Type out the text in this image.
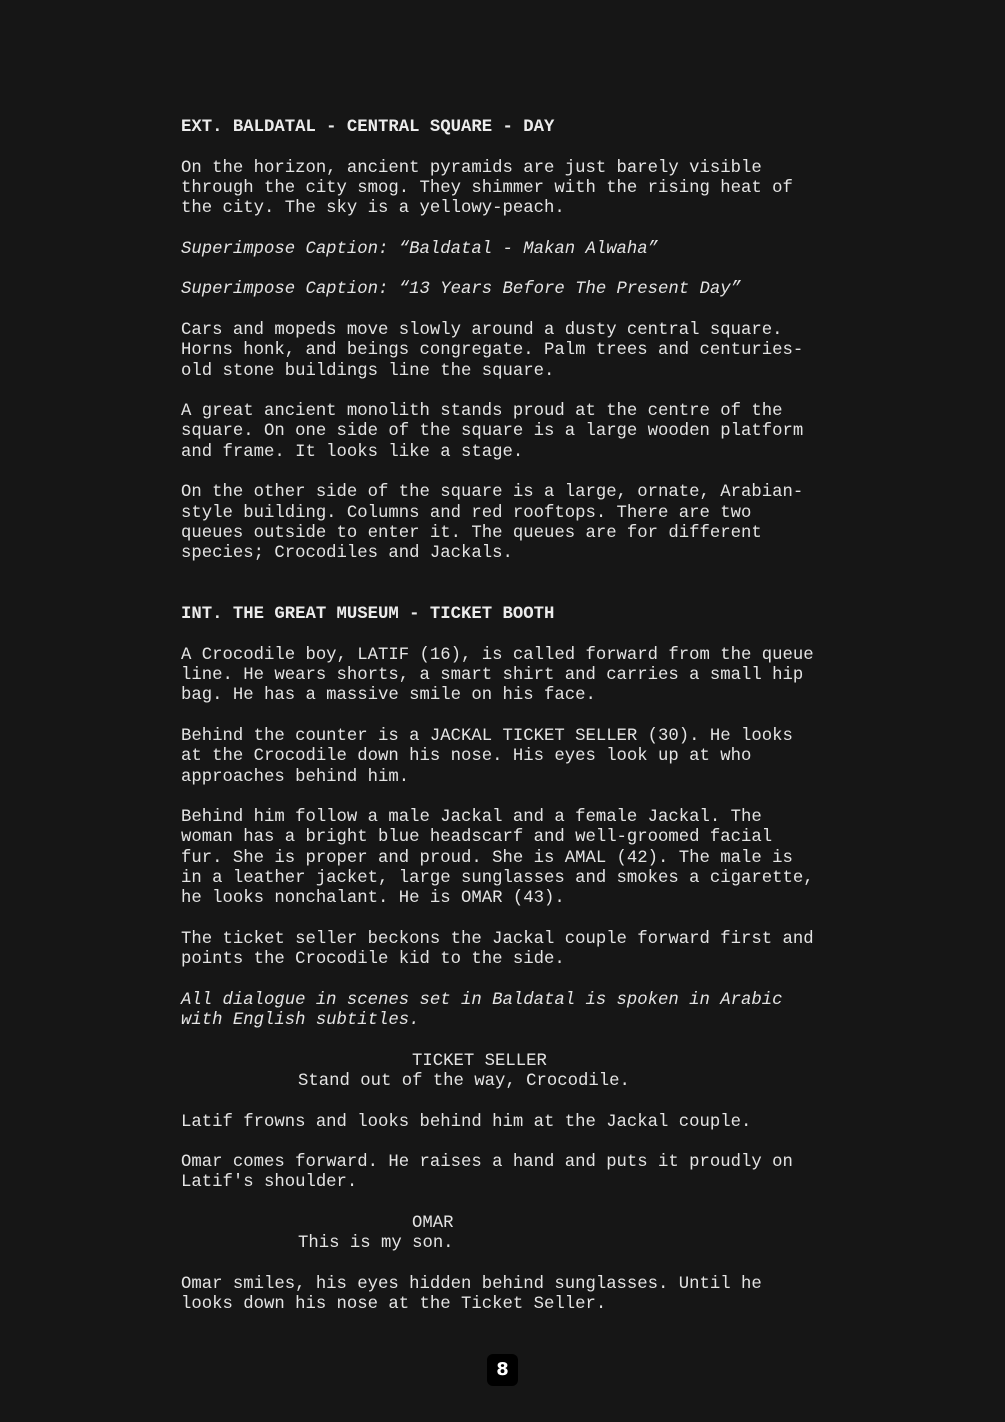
EXT. BALDATAL - CENTRAL SQUARE - DAY
On the horizon, ancient pyramids are just barely visible
through the city smog. They shimmer with the rising heat of
the city. The sky is a yellowy-peach.
Superimpose Caption: “Baldatal - Makan Alwaha”
Superimpose Caption: “13 Years Before The Present Day”
Cars and mopeds move slowly around a dusty central square.
Horns honk, and beings congregate. Palm trees and centuries-
old stone buildings line the square.
A great ancient monolith stands proud at the centre of the
square. On one side of the square is a large wooden platform
and frame. It looks like a stage.
On the other side of the square is a large, ornate, Arabian-
style building. Columns and red rooftops. There are two
queues outside to enter it. The queues are for different
species; Crocodiles and Jackals.
INT. THE GREAT MUSEUM - TICKET BOOTH
A Crocodile boy, LATIF (16), is called forward from the queue
line. He wears shorts, a smart shirt and carries a small hip
bag. He has a massive smile on his face.
Behind the counter is a JACKAL TICKET SELLER (30). He looks
at the Crocodile down his nose. His eyes look up at who
approaches behind him.
Behind him follow a male Jackal and a female Jackal. The
woman has a bright blue headscarf and well-groomed facial
fur. She is proper and proud. She is AMAL (42). The male is
in a leather jacket, large sunglasses and smokes a cigarette,
he looks nonchalant. He is OMAR (43).
The ticket seller beckons the Jackal couple forward first and
points the Crocodile kid to the side.
All dialogue in scenes set in Baldatal is spoken in Arabic
with English subtitles.
TICKET SELLER
Stand out of the way, Crocodile.
Latif frowns and looks behind him at the Jackal couple.
Omar comes forward. He raises a hand and puts it proudly on
Latif's shoulder.
OMAR
This is my son.
Omar smiles, his eyes hidden behind sunglasses. Until he
looks down his nose at the Ticket Seller.
8
